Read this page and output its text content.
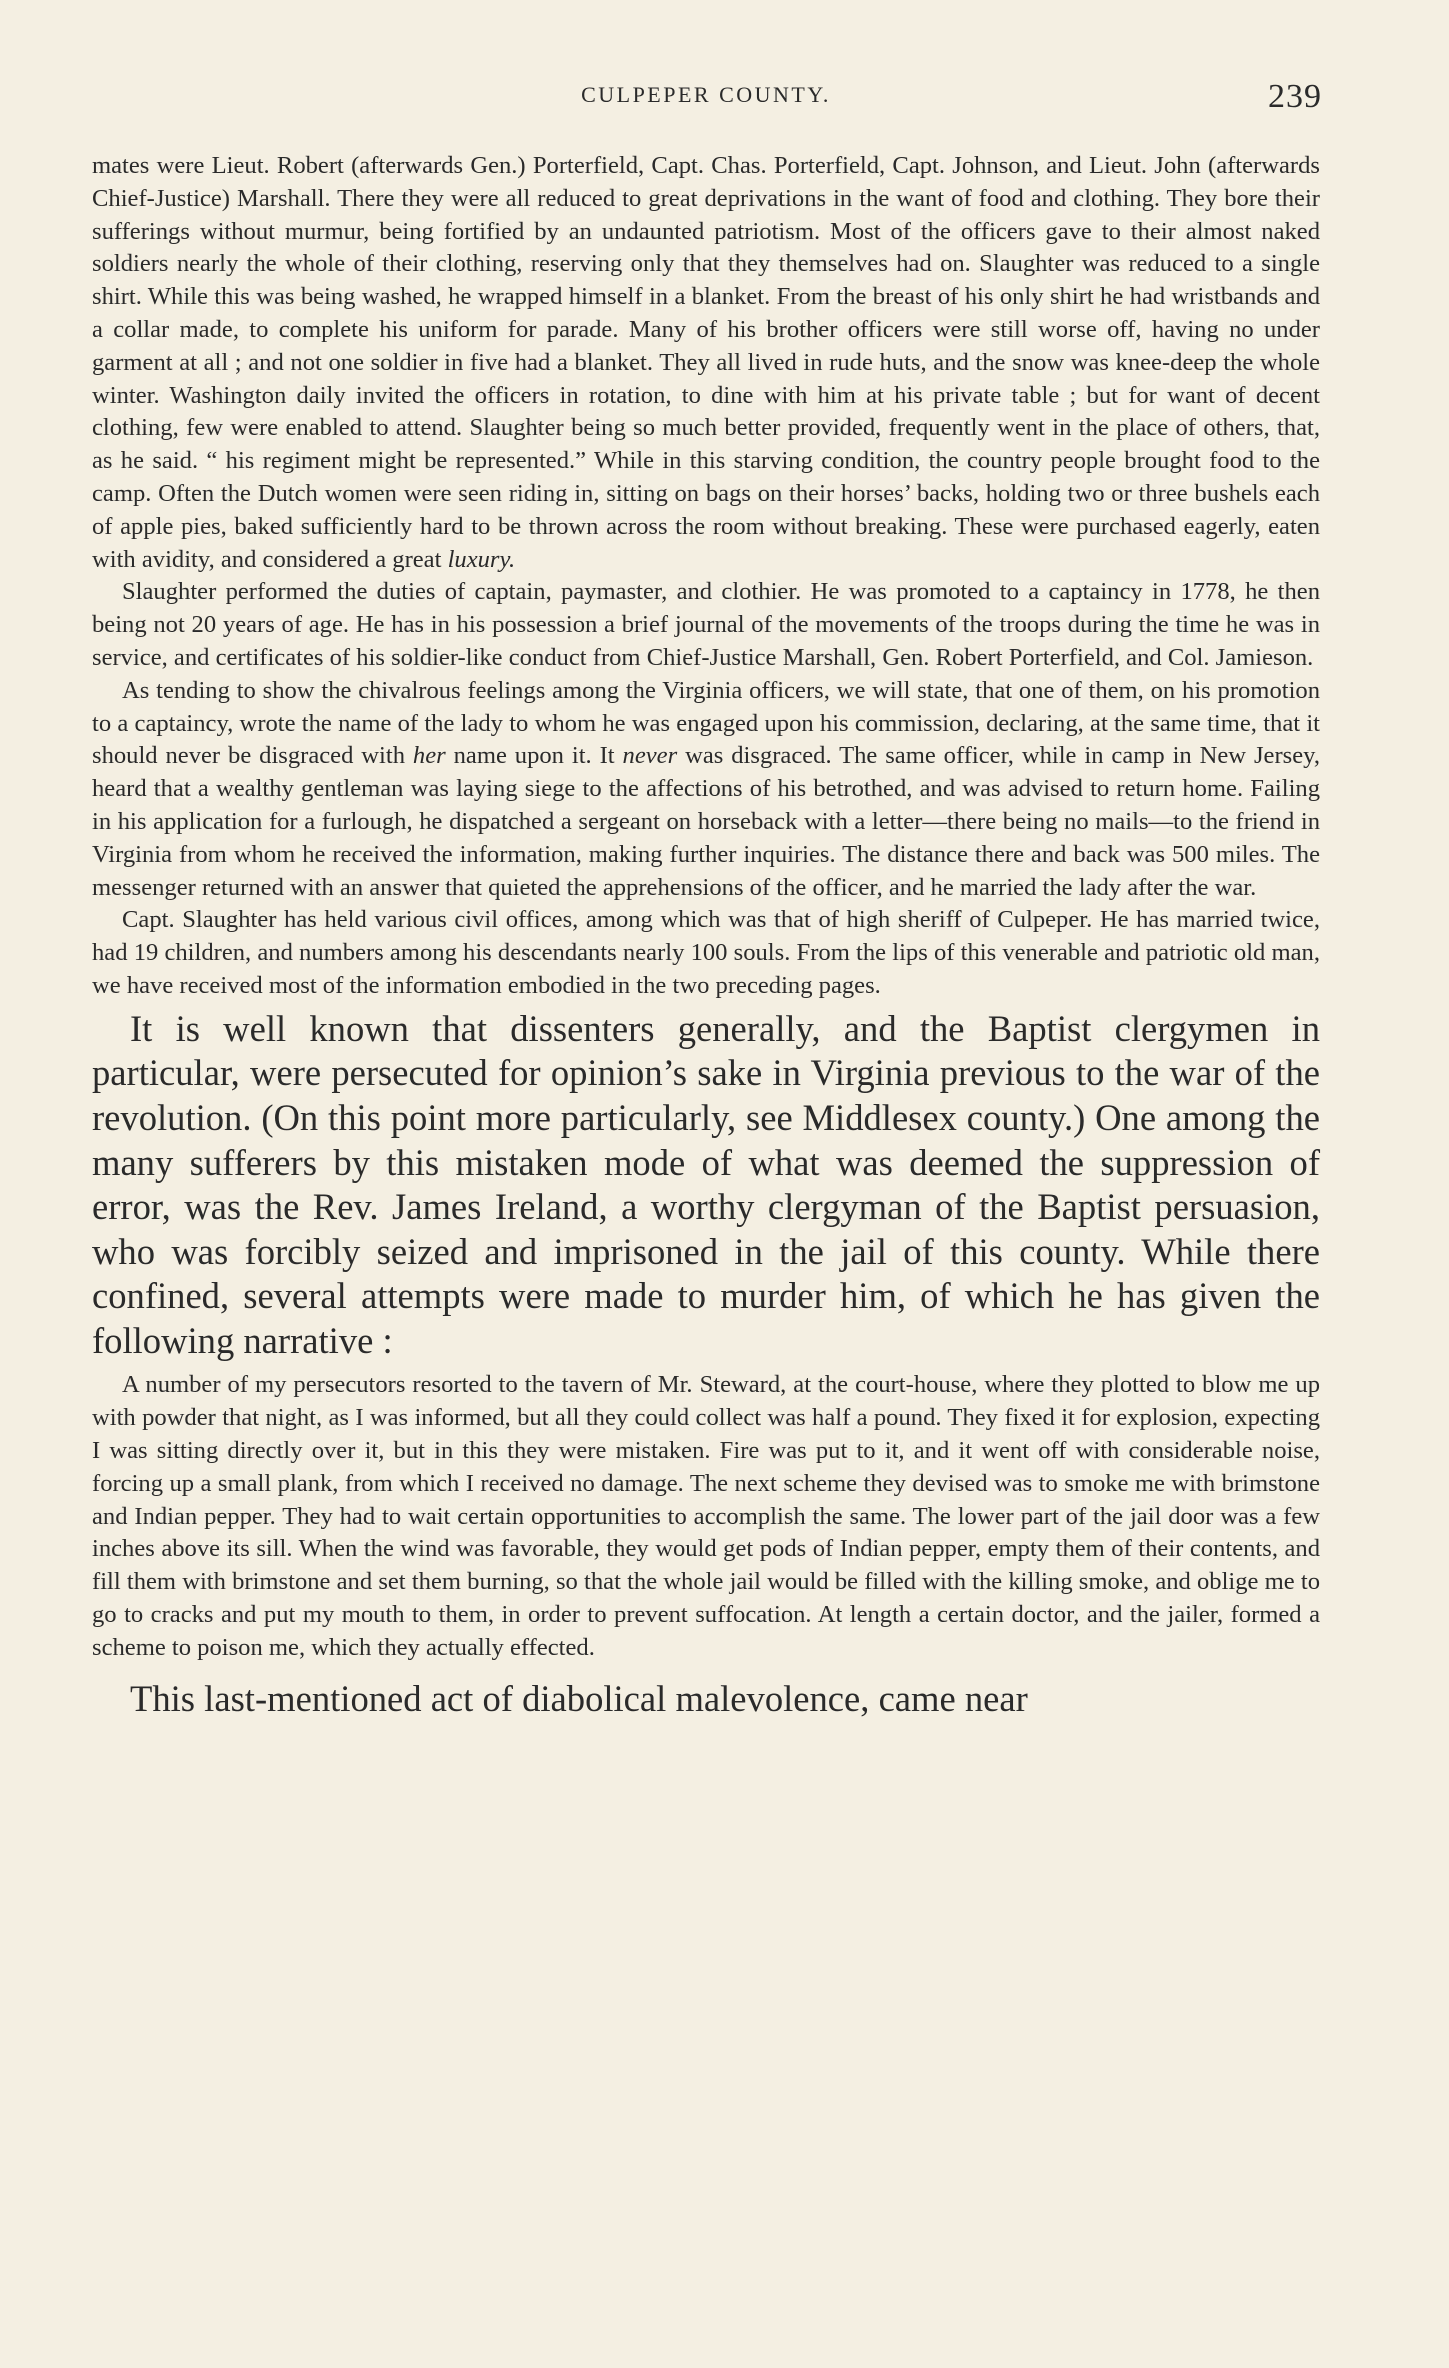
CULPEPER COUNTY.	239

mates were Lieut. Robert (afterwards Gen.) Porterfield, Capt. Chas. Porterfield, Capt. Johnson, and Lieut. John (afterwards Chief-Justice) Marshall. There they were all reduced to great deprivations in the want of food and clothing. They bore their sufferings without murmur, being fortified by an undaunted patriotism. Most of the officers gave to their almost naked soldiers nearly the whole of their clothing, reserving only that they themselves had on. Slaughter was reduced to a single shirt. While this was being washed, he wrapped himself in a blanket. From the breast of his only shirt he had wristbands and a collar made, to complete his uniform for parade. Many of his brother officers were still worse off, having no under garment at all ; and not one soldier in five had a blanket. They all lived in rude huts, and the snow was knee-deep the whole winter. Washington daily invited the officers in rotation, to dine with him at his private table ; but for want of decent clothing, few were enabled to attend. Slaughter being so much better provided, frequently went in the place of others, that, as he said. “ his regiment might be represented.” While in this starving condition, the country people brought food to the camp. Often the Dutch women were seen riding in, sitting on bags on their horses’ backs, holding two or three bushels each of apple pies, baked sufficiently hard to be thrown across the room without breaking. These were purchased eagerly, eaten with avidity, and considered a great luxury.

Slaughter performed the duties of captain, paymaster, and clothier. He was promoted to a captaincy in 1778, he then being not 20 years of age. He has in his possession a brief journal of the movements of the troops during the time he was in service, and certificates of his soldier-like conduct from Chief-Justice Marshall, Gen. Robert Porterfield, and Col. Jamieson.

As tending to show the chivalrous feelings among the Virginia officers, we will state, that one of them, on his promotion to a captaincy, wrote the name of the lady to whom he was engaged upon his commission, declaring, at the same time, that it should never be disgraced with her name upon it. It never was disgraced. The same officer, while in camp in New Jersey, heard that a wealthy gentleman was laying siege to the affections of his betrothed, and was advised to return home. Failing in his application for a furlough, he dispatched a sergeant on horseback with a letter—there being no mails—to the friend in Virginia from whom he received the information, making further inquiries. The distance there and back was 500 miles. The messenger returned with an answer that quieted the apprehensions of the officer, and he married the lady after the war.

Capt. Slaughter has held various civil offices, among which was that of high sheriff of Culpeper. He has married twice, had 19 children, and numbers among his descendants nearly 100 souls. From the lips of this venerable and patriotic old man, we have received most of the information embodied in the two preceding pages.

It is well known that dissenters generally, and the Baptist clergymen in particular, were persecuted for opinion’s sake in Virginia previous to the war of the revolution. (On this point more particularly, see Middlesex county.) One among the many sufferers by this mistaken mode of what was deemed the suppression of error, was the Rev. James Ireland, a worthy clergyman of the Baptist persuasion, who was forcibly seized and imprisoned in the jail of this county. While there confined, several attempts were made to murder him, of which he has given the following narrative :

A number of my persecutors resorted to the tavern of Mr. Steward, at the court-house, where they plotted to blow me up with powder that night, as I was informed, but all they could collect was half a pound. They fixed it for explosion, expecting I was sitting directly over it, but in this they were mistaken. Fire was put to it, and it went off with considerable noise, forcing up a small plank, from which I received no damage. The next scheme they devised was to smoke me with brimstone and Indian pepper. They had to wait certain opportunities to accomplish the same. The lower part of the jail door was a few inches above its sill. When the wind was favorable, they would get pods of Indian pepper, empty them of their contents, and fill them with brimstone and set them burning, so that the whole jail would be filled with the killing smoke, and oblige me to go to cracks and put my mouth to them, in order to prevent suffocation. At length a certain doctor, and the jailer, formed a scheme to poison me, which they actually effected.

This last-mentioned act of diabolical malevolence, came near
